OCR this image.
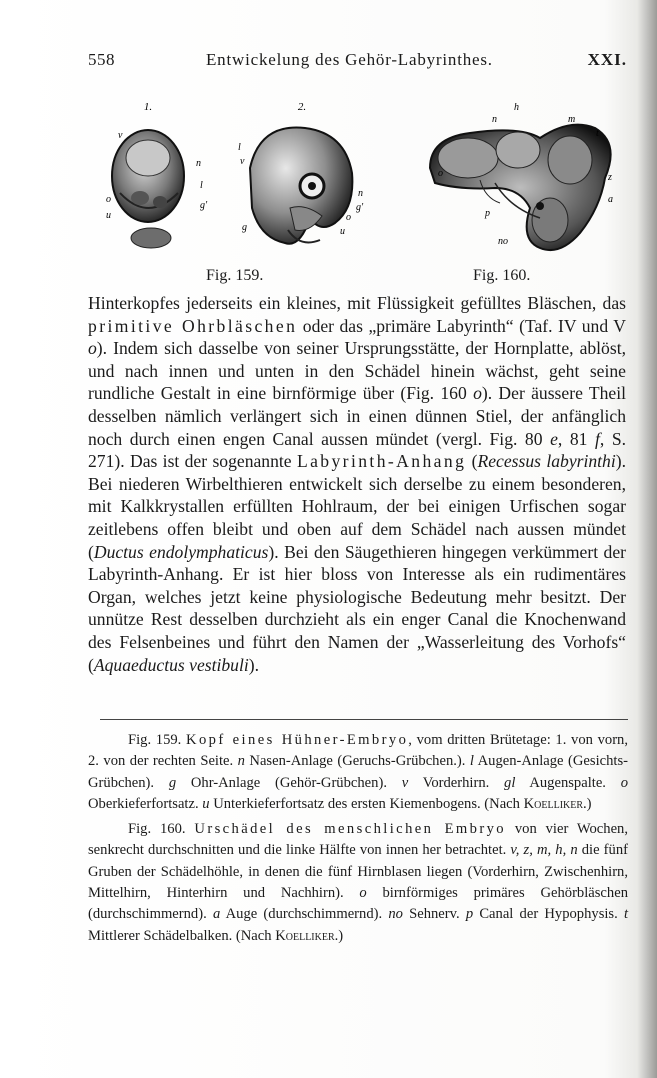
558	Entwickelung des Gehör-Labyrinthes.	XXI.
1.
v
n
o
u
l
g'
2.
l
v
g
n
g'
o
u
h
n	m
t
z
o
a
p
no
Fig. 159.	Fig. 160.

Hinterkopfes jederseits ein kleines, mit Flüssigkeit gefülltes Bläschen, das primitive Ohrbläschen oder das „primäre Labyrinth“ (Taf. IV und V o). Indem sich dasselbe von seiner Ursprungsstätte, der Hornplatte, ablöst, und nach innen und unten in den Schädel hinein wächst, geht seine rundliche Gestalt in eine birnförmige über (Fig. 160 o). Der äussere Theil desselben nämlich verlängert sich in einen dünnen Stiel, der anfänglich noch durch einen engen Canal aussen mündet (vergl. Fig. 80 e, 81 f, S. 271). Das ist der sogenannte Labyrinth-Anhang (Recessus labyrinthi). Bei niederen Wirbelthieren entwickelt sich derselbe zu einem besonderen, mit Kalkkrystallen erfüllten Hohlraum, der bei einigen Urfischen sogar zeitlebens offen bleibt und oben auf dem Schädel nach aussen mündet (Ductus endolymphaticus). Bei den Säugethieren hingegen verkümmert der Labyrinth-Anhang. Er ist hier bloss von Interesse als ein rudimentäres Organ, welches jetzt keine physiologische Bedeutung mehr besitzt. Der unnütze Rest desselben durchzieht als ein enger Canal die Knochenwand des Felsenbeines und führt den Namen der „Wasserleitung des Vorhofs“ (Aquaeductus vestibuli).

Fig. 159. Kopf eines Hühner-Embryo, vom dritten Brütetage: 1. von vorn, 2. von der rechten Seite. n Nasen-Anlage (Geruchs-Grübchen.). l Augen-Anlage (Gesichts-Grübchen). g Ohr-Anlage (Gehör-Grübchen). v Vorderhirn. gl Augenspalte. o Oberkieferfortsatz. u Unterkieferfortsatz des ersten Kiemenbogens. (Nach Koelliker.)

Fig. 160. Urschädel des menschlichen Embryo von vier Wochen, senkrecht durchschnitten und die linke Hälfte von innen her betrachtet. v, z, m, h, n die fünf Gruben der Schädelhöhle, in denen die fünf Hirnblasen liegen (Vorderhirn, Zwischenhirn, Mittelhirn, Hinterhirn und Nachhirn). o birnförmiges primäres Gehörbläschen (durchschimmernd). a Auge (durchschimmernd). no Sehnerv. p Canal der Hypophysis. t Mittlerer Schädelbalken. (Nach Koelliker.)
